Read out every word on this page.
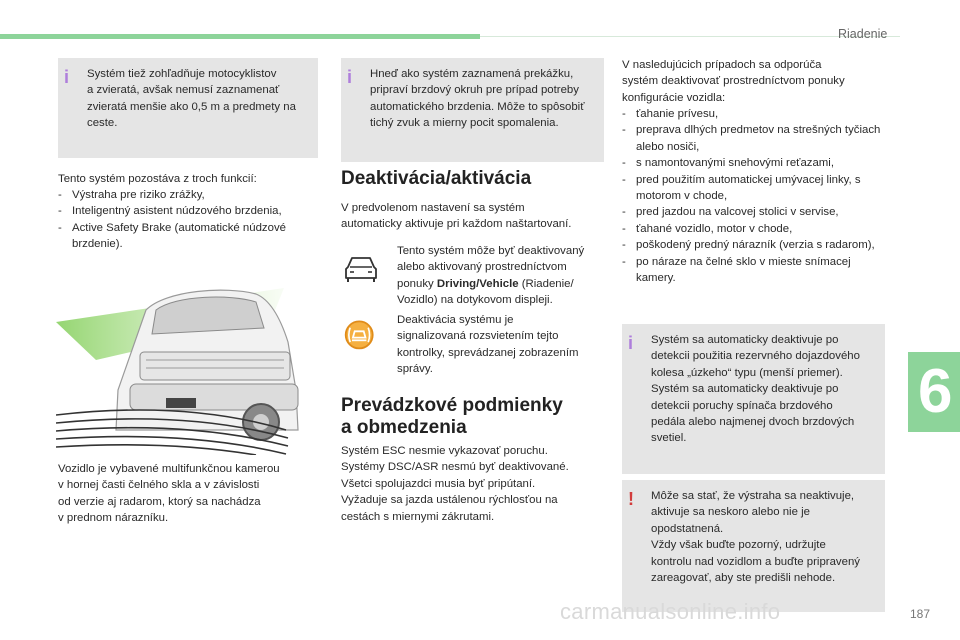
Riadenie
i Systém tiež zohľadňuje motocyklistov
a zvieratá, avšak nemusí zaznamenať
zvieratá menšie ako 0,5 m a predmety na
ceste.

Tento systém pozostáva z troch funkcií:

- Výstraha pre riziko zrážky,
- Inteligentný asistent núdzového brzdenia,
- Active Safety Brake (automatické núdzové brzdenie).

Vozidlo je vybavené multifunkčnou kamerou
v hornej časti čelného skla a v závislosti
od verzie aj radarom, ktorý sa nachádza
v prednom nárazníku.

i Hneď ako systém zaznamená prekážku,
pripraví brzdový okruh pre prípad potreby
automatického brzdenia. Môže to spôsobiť
tichý zvuk a mierny pocit spomalenia.

Deaktivácia/aktivácia

V predvolenom nastavení sa systém
automaticky aktivuje pri každom naštartovaní.

Tento systém môže byť deaktivovaný
alebo aktivovaný prostredníctvom
ponuky Driving/Vehicle (Riadenie/
Vozidlo) na dotykovom displeji.

Deaktivácia systému je
signalizovaná rozsvietením tejto
kontrolky, sprevádzanej zobrazením
správy.

Prevádzkové podmienky
a obmedzenia

Systém ESC nesmie vykazovať poruchu.
Systémy DSC/ASR nesmú byť deaktivované.
Všetci spolujazdci musia byť pripútaní.
Vyžaduje sa jazda ustálenou rýchlosťou na
cestách s miernymi zákrutami.

V nasledujúcich prípadoch sa odporúča
systém deaktivovať prostredníctvom ponuky
konfigurácie vozidla:

- ťahanie prívesu,
- preprava dlhých predmetov na strešných tyčiach alebo nosiči,
- s namontovanými snehovými reťazami,
- pred použitím automatickej umývacej linky, s motorom v chode,
- pred jazdou na valcovej stolici v servise,
- ťahané vozidlo, motor v chode,
- poškodený predný nárazník (verzia s radarom),
- po náraze na čelné sklo v mieste snímacej kamery.
i Systém sa automaticky deaktivuje po
detekcii použitia rezervného dojazdového
kolesa „úzkeho“ typu (menší priemer).
Systém sa automaticky deaktivuje po
detekcii poruchy spínača brzdového
pedála alebo najmenej dvoch brzdových
svetiel.

! Môže sa stať, že výstraha sa neaktivuje,
aktivuje sa neskoro alebo nie je
opodstatnená.
Vždy však buďte pozorný, udržujte
kontrolu nad vozidlom a buďte pripravený
zareagovať, aby ste predišli nehode.

6
carmanualsonline.info	187
